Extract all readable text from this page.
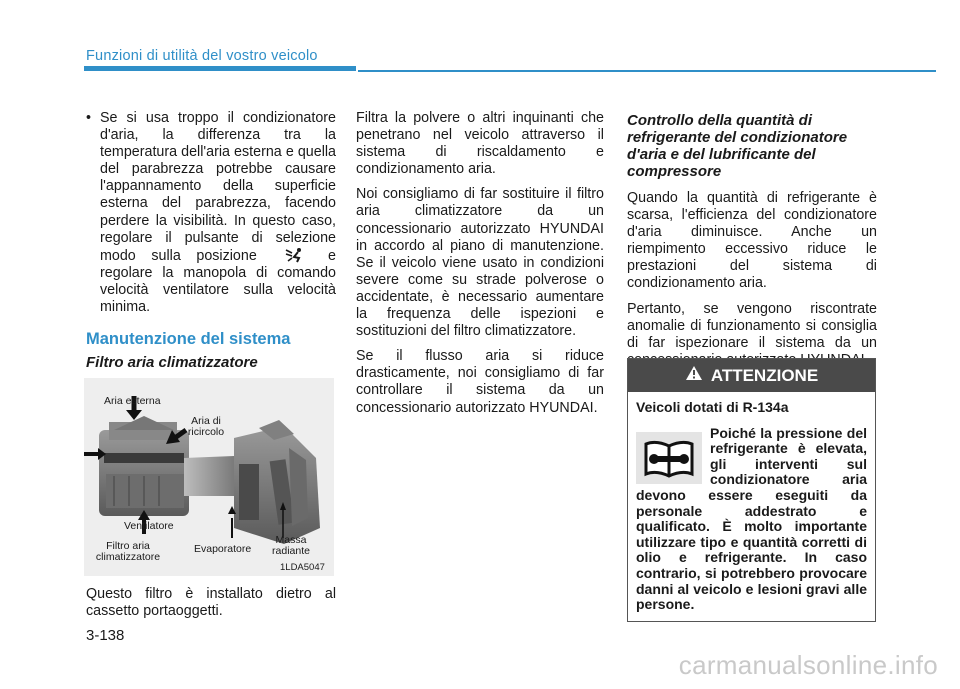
Funzioni di utilità del vostro veicolo

• Se si usa troppo il condizionatore d'aria, la differenza tra la temperatura dell'aria esterna e quella del parabrezza potrebbe causare l'appannamento della superficie esterna del parabrezza, facendo perdere la visibilità. In questo caso, regolare il pulsante di selezione modo sulla posizione	e regolare la manopola di comando velocità ventilatore sulla velocità minima.

Manutenzione del sistema
Filtro aria climatizzatore
Aria esterna
Aria di ricircolo
Ventilatore
Filtro aria climatizzatore
Evaporatore
Massa radiante
1LDA5047

Questo filtro è installato dietro al cassetto portaoggetti.

Filtra la polvere o altri inquinanti che penetrano nel veicolo attraverso il sistema di riscaldamento e condizionamento aria.

Noi consigliamo di far sostituire il filtro aria climatizzatore da un concessionario autorizzato HYUNDAI in accordo al piano di manutenzione. Se il veicolo viene usato in condizioni severe come su strade polverose o accidentate, è necessario aumentare la frequenza delle ispezioni e sostituzioni del filtro climatizzatore.

Se il flusso aria si riduce drasticamente, noi consigliamo di far controllare il sistema da un concessionario autorizzato HYUNDAI.

Controllo della quantità di refrigerante del condizionatore d'aria e del lubrificante del compressore

Quando la quantità di refrigerante è scarsa, l'efficienza del condizionatore d'aria diminuisce. Anche un riempimento eccessivo riduce le prestazioni del sistema di condizionamento aria.

Pertanto, se vengono riscontrate anomalie di funzionamento si consiglia di far ispezionare il sistema da un

ATTENZIONE

Veicoli dotati di R-134a

Poiché la pressione del refrigerante è elevata, gli interventi sul condizionatore aria devono essere eseguiti da personale addestrato e qualificato. È molto importante utilizzare tipo e quantità corretti di olio e refrigerante. In caso contrario, si potrebbero provocare danni al veicolo e lesioni gravi alle persone.

3-138
carmanualsonline.info
